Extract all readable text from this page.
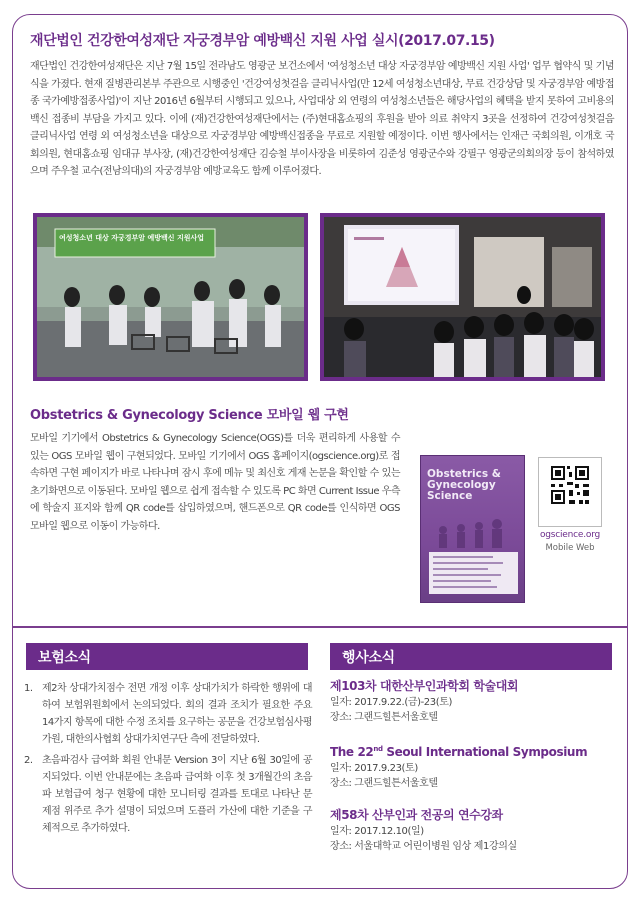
재단법인 건강한여성재단 자궁경부암 예방백신 지원 사업 실시(2017.07.15)

재단법인 건강한여성재단은 지난 7월 15일 전라남도 영광군 보건소에서 '여성청소년 대상 자궁경부암 예방백신 지원 사업' 업무 협약식 및 기념식을 가졌다. 현재 질병관리본부 주관으로 시행중인 '건강여성첫걸음 클리닉사업(만 12세 여성청소년대상, 무료 건강상담 및 자궁경부암 예방접종 국가예방접종사업)'이 지난 2016년 6월부터 시행되고 있으나, 사업대상 외 연령의 여성청소년들은 해당사업의 혜택을 받지 못하여 고비용의 백신 접종비 부담을 가지고 있다. 이에 (재)건강한여성재단에서는 (주)현대홈쇼핑의 후원을 받아 의료 취약지 3곳을 선정하여 건강여성첫걸음 클리닉사업 연령 외 여성청소년을 대상으로 자궁경부암 예방백신접종을 무료로 지원할 예정이다. 이번 행사에서는 인재근 국회의원, 이개호 국회의원, 현대홈쇼핑 임대규 부사장, (재)건강한여성재단 김승철 부이사장을 비롯하여 김준성 영광군수와 강필구 영광군의회의장 등이 참석하였으며 주우철 교수(전남의대)의 자궁경부암 예방교육도 함께 이루어졌다.

여성청소년 대상 자궁경부암 예방백신 지원사업
Obstetrics & Gynecology Science 모바일 웹 구현

모바일 기기에서 Obstetrics & Gynecology Science(OGS)를 더욱 편리하게 사용할 수 있는 OGS 모바일 웹이 구현되었다. 모바일 기기에서 OGS 홈페이지(ogscience.org)로 접속하면 구현 페이지가 바로 나타나며 잠시 후에 메뉴 및 최신호 게재 논문을 확인할 수 있는 초기화면으로 이동된다. 모바일 웹으로 쉽게 접속할 수 있도록 PC 화면 Current Issue 우측에 학술지 표지와 함께 QR code를 삽입하였으며, 핸드폰으로 QR code를 인식하면 OGS 모바일 웹으로 이동이 가능하다.

Obstetrics & Gynecology Science
ogscience.org
Mobile Web
보험소식	행사소식
1. 제2차 상대가치점수 전면 개정 이후 상대가치가 하락한 행위에 대하여 보험위원회에서 논의되었다. 회의 결과 조치가 필요한 주요 14가지 항목에 대한 수정 조치를 요구하는 공문을 건강보험심사평가원, 대한의사협회 상대가치연구단 측에 전달하였다.
2. 초음파검사 급여화 회원 안내문 Version 3이 지난 6월 30일에 공지되었다. 이번 안내문에는 초음파 급여화 이후 첫 3개월간의 초음파 보험급여 청구 현황에 대한 모니터링 결과를 토대로 나타난 문제점 위주로 추가 설명이 되었으며 도플러 가산에 대한 기준을 구체적으로 추가하였다.
제103차 대한산부인과학회 학술대회
일자: 2017.9.22.(금)-23(토)
장소: 그랜드힐튼서울호텔
The 22nd Seoul International Symposium
일자: 2017.9.23(토)
장소: 그랜드힐튼서울호텔
제58차 산부인과 전공의 연수강좌
일자: 2017.12.10(일)
장소: 서울대학교 어린이병원 임상 제1강의실
